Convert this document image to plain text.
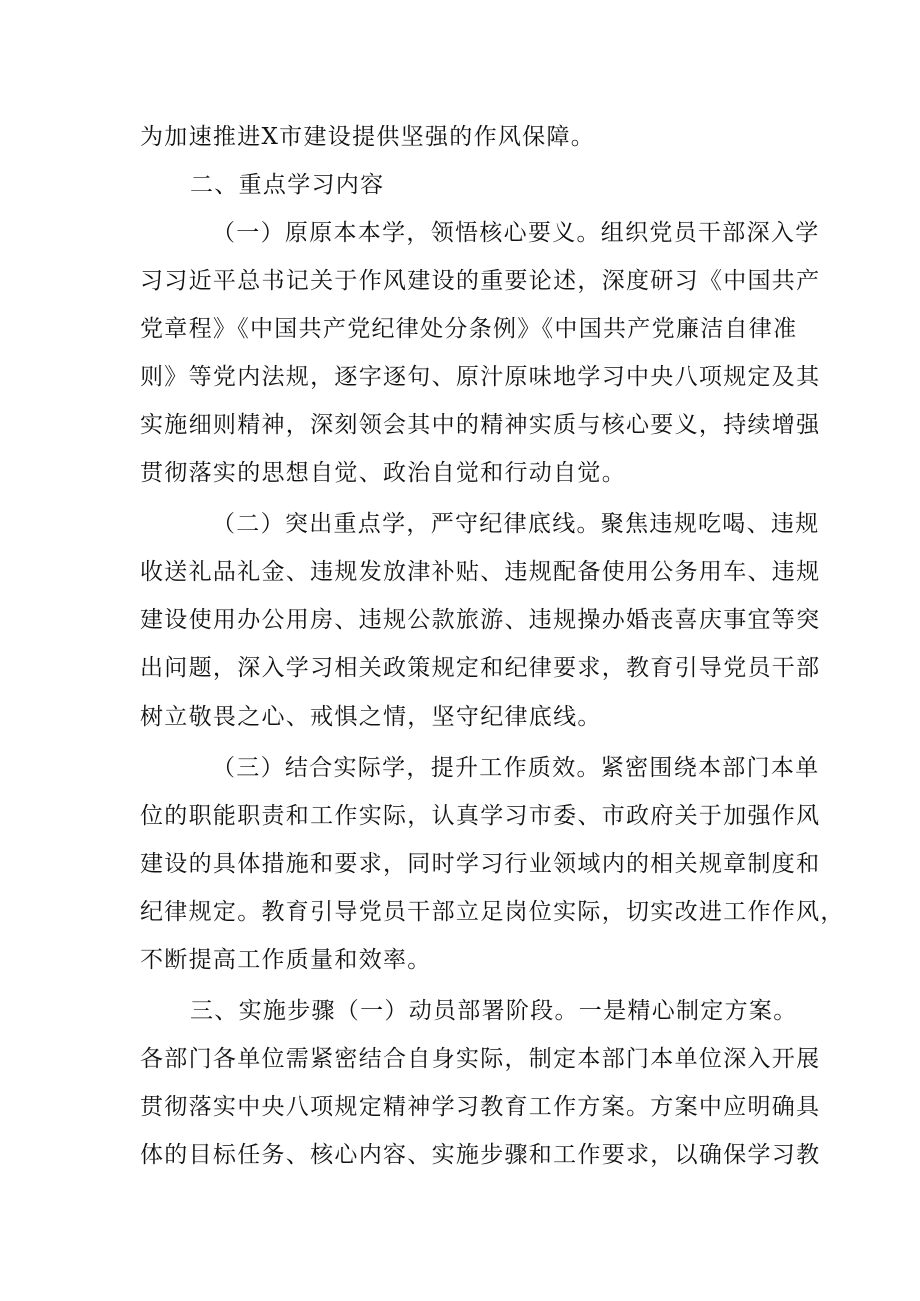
为加速推进X市建设提供坚强的作风保障。
二、重点学习内容
（一）原原本本学，领悟核心要义。组织党员干部深入学
习习近平总书记关于作风建设的重要论述，深度研习《中国共产
党章程》《中国共产党纪律处分条例》《中国共产党廉洁自律准
则》等党内法规，逐字逐句、原汁原味地学习中央八项规定及其
实施细则精神，深刻领会其中的精神实质与核心要义，持续增强
贯彻落实的思想自觉、政治自觉和行动自觉。
（二）突出重点学，严守纪律底线。聚焦违规吃喝、违规
收送礼品礼金、违规发放津补贴、违规配备使用公务用车、违规
建设使用办公用房、违规公款旅游、违规操办婚丧喜庆事宜等突
出问题，深入学习相关政策规定和纪律要求，教育引导党员干部
树立敬畏之心、戒惧之情，坚守纪律底线。
（三）结合实际学，提升工作质效。紧密围绕本部门本单
位的职能职责和工作实际，认真学习市委、市政府关于加强作风
建设的具体措施和要求，同时学习行业领域内的相关规章制度和
纪律规定。教育引导党员干部立足岗位实际，切实改进工作作风，
不断提高工作质量和效率。
三、实施步骤（一）动员部署阶段。一是精心制定方案。
各部门各单位需紧密结合自身实际，制定本部门本单位深入开展
贯彻落实中央八项规定精神学习教育工作方案。方案中应明确具
体的目标任务、核心内容、实施步骤和工作要求，以确保学习教
